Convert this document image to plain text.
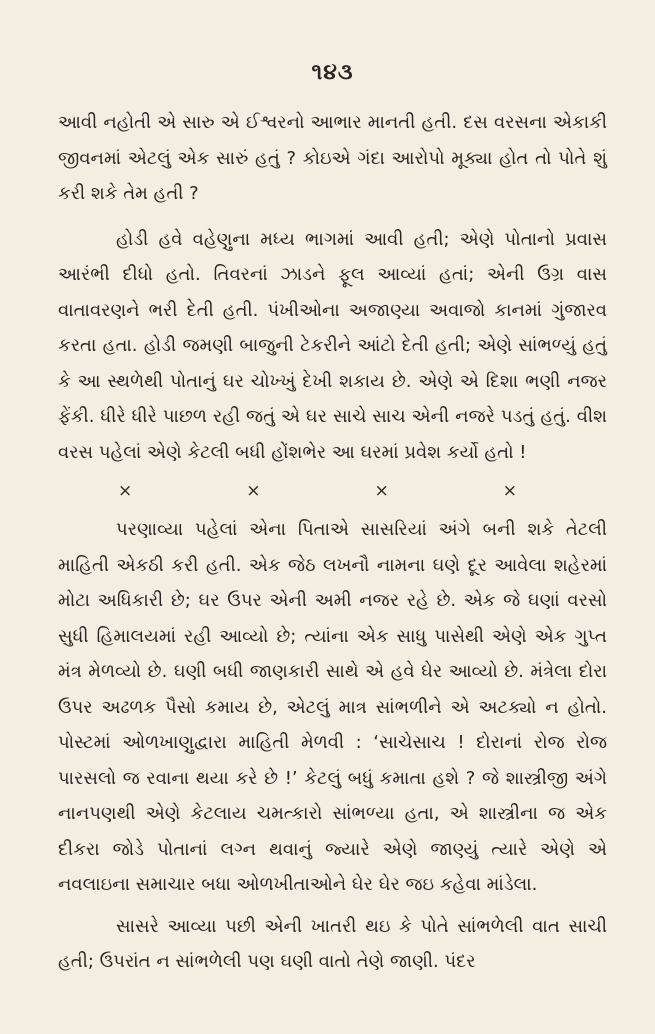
૧૪૩

આવી નહોતી એ સારુ એ ઈશ્વરનો આભાર માનતી હતી. દસ વરસના એકાકી જીવનમાં એટલું એક સારું હતું ? કોઇએ ગંદા આરોપો મૂક્યા હોત તો પોતે શું કરી શકે તેમ હતી ?

હોડી હવે વહેણુના મધ્ય ભાગમાં આવી હતી; એણે પોતાનો પ્રવાસ આરંભી દીધો હતો. તિવરનાં ઝાડને ફૂલ આવ્યાં હતાં; એની ઉગ્ર વાસ વાતાવરણને ભરી દેતી હતી. પંખીઓના અજાણ્યા અવાજો કાનમાં ગુંજારવ કરતા હતા. હોડી જમણી બાજુની ટેકરીને આંટો દેતી હતી; એણે સાંભળ્યું હતું કે આ સ્થળેથી પોતાનું ઘર ચોખ્ખું દેખી શકાય છે. એણે એ દિશા ભણી નજર ફેંકી. ધીરે ધીરે પાછળ રહી જતું એ ઘર સાચે સાચ એની નજરે પડતું હતું. વીશ વરસ પહેલાં એણે કેટલી બધી હોંશભેર આ ઘરમાં પ્રવેશ કર્યો હતો !

×	×	×	×

પરણાવ્યા પહેલાં એના પિતાએ સાસરિયાં અંગે બની શકે તેટલી માહિતી એકઠી કરી હતી. એક જેઠ લખનૌ નામના ઘણે દૂર આવેલા શહેરમાં મોટા અધિકારી છે; ઘર ઉપર એની અમી નજર રહે છે. એક જે ઘણાં વરસો સુધી હિમાલયમાં રહી આવ્યો છે; ત્યાંના એક સાધુ પાસેથી એણે એક ગુપ્ત મંત્ર મેળવ્યો છે. ઘણી બધી જાણકારી સાથે એ હવે ઘેર આવ્યો છે. મંત્રેલા દોરા ઉપર અઢળક પૈસો કમાય છે, એટલું માત્ર સાંભળીને એ અટક્યો ન હોતો. પોસ્ટમાં ઓળખાણુદ્વારા માહિતી મેળવી : ‘સાચેસાચ ! દોરાનાં રોજ રોજ પારસલો જ રવાના થયા કરે છે !’ કેટલું બધું કમાતા હશે ? જે શાસ્ત્રીજી અંગે નાનપણથી એણે કેટલાય ચમત્કારો સાંભળ્યા હતા, એ શાસ્ત્રીના જ એક દીકરા જોડે પોતાનાં લગ્ન થવાનું જ્યારે એણે જાણ્યું ત્યારે એણે એ નવલાઇના સમાચાર બધા ઓળખીતાઓને ઘેર ઘેર જઇ કહેવા માંડેલા.

સાસરે આવ્યા પછી એની ખાતરી થઇ કે પોતે સાંભળેલી વાત સાચી હતી; ઉપરાંત ન સાંભળેલી પણ ઘણી વાતો તેણે જાણી. પંદર
